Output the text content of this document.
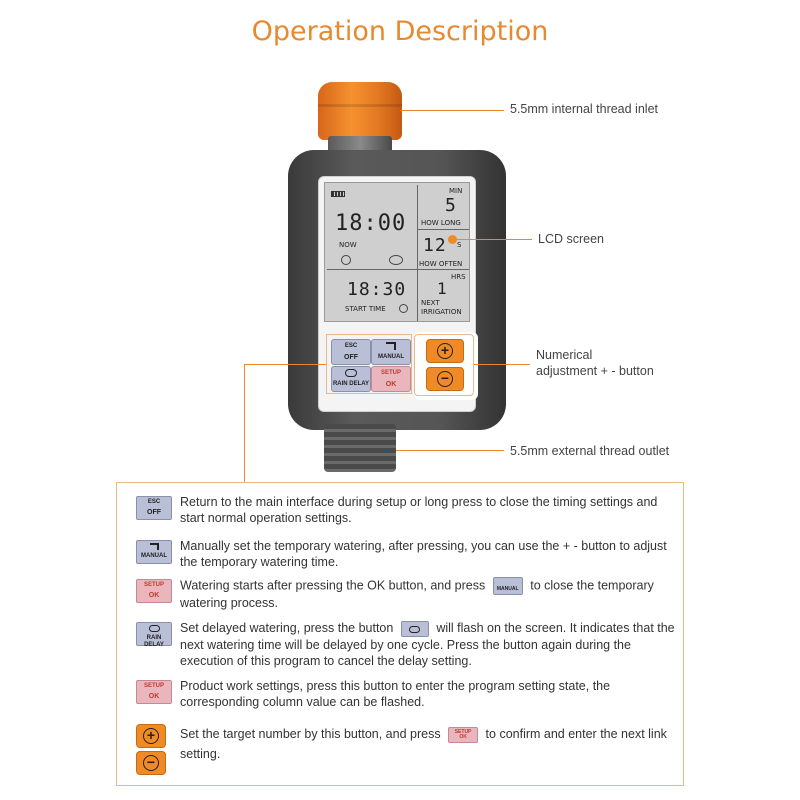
Operation Description
MIN
5
HOW LONG
18:00
NOW	12 S
HOW OFTEN
18:30
START TIME
HRS
1
NEXT
IRRIGATION
ESC
OFF	MANUAL
RAIN DELAY
SETUP
OK
+
−
5.5mm internal thread inlet
LCD screen
Numerical
adjustment + - button
5.5mm external thread outlet
ESC
OFF
Return to the main interface during setup or long press to close the timing settings and start normal operation settings.
MANUAL
Manually set the temporary watering, after pressing, you can use the + - button to adjust the temporary watering time.
SETUP
OK
Watering starts after pressing the OK button, and press	MANUAL to close the temporary watering process.
RAIN DELAY
Set delayed watering, press the button	will flash on the screen. It indicates that the next watering time will be delayed by one cycle. Press the button again during the execution of this program to cancel the delay setting.
SETUP
OK
Product work settings, press this button to enter the program setting state, the corresponding column value can be flashed.
+
−
Set the target number by this button, and press	SETUP
OK	to confirm and enter the next link setting.
